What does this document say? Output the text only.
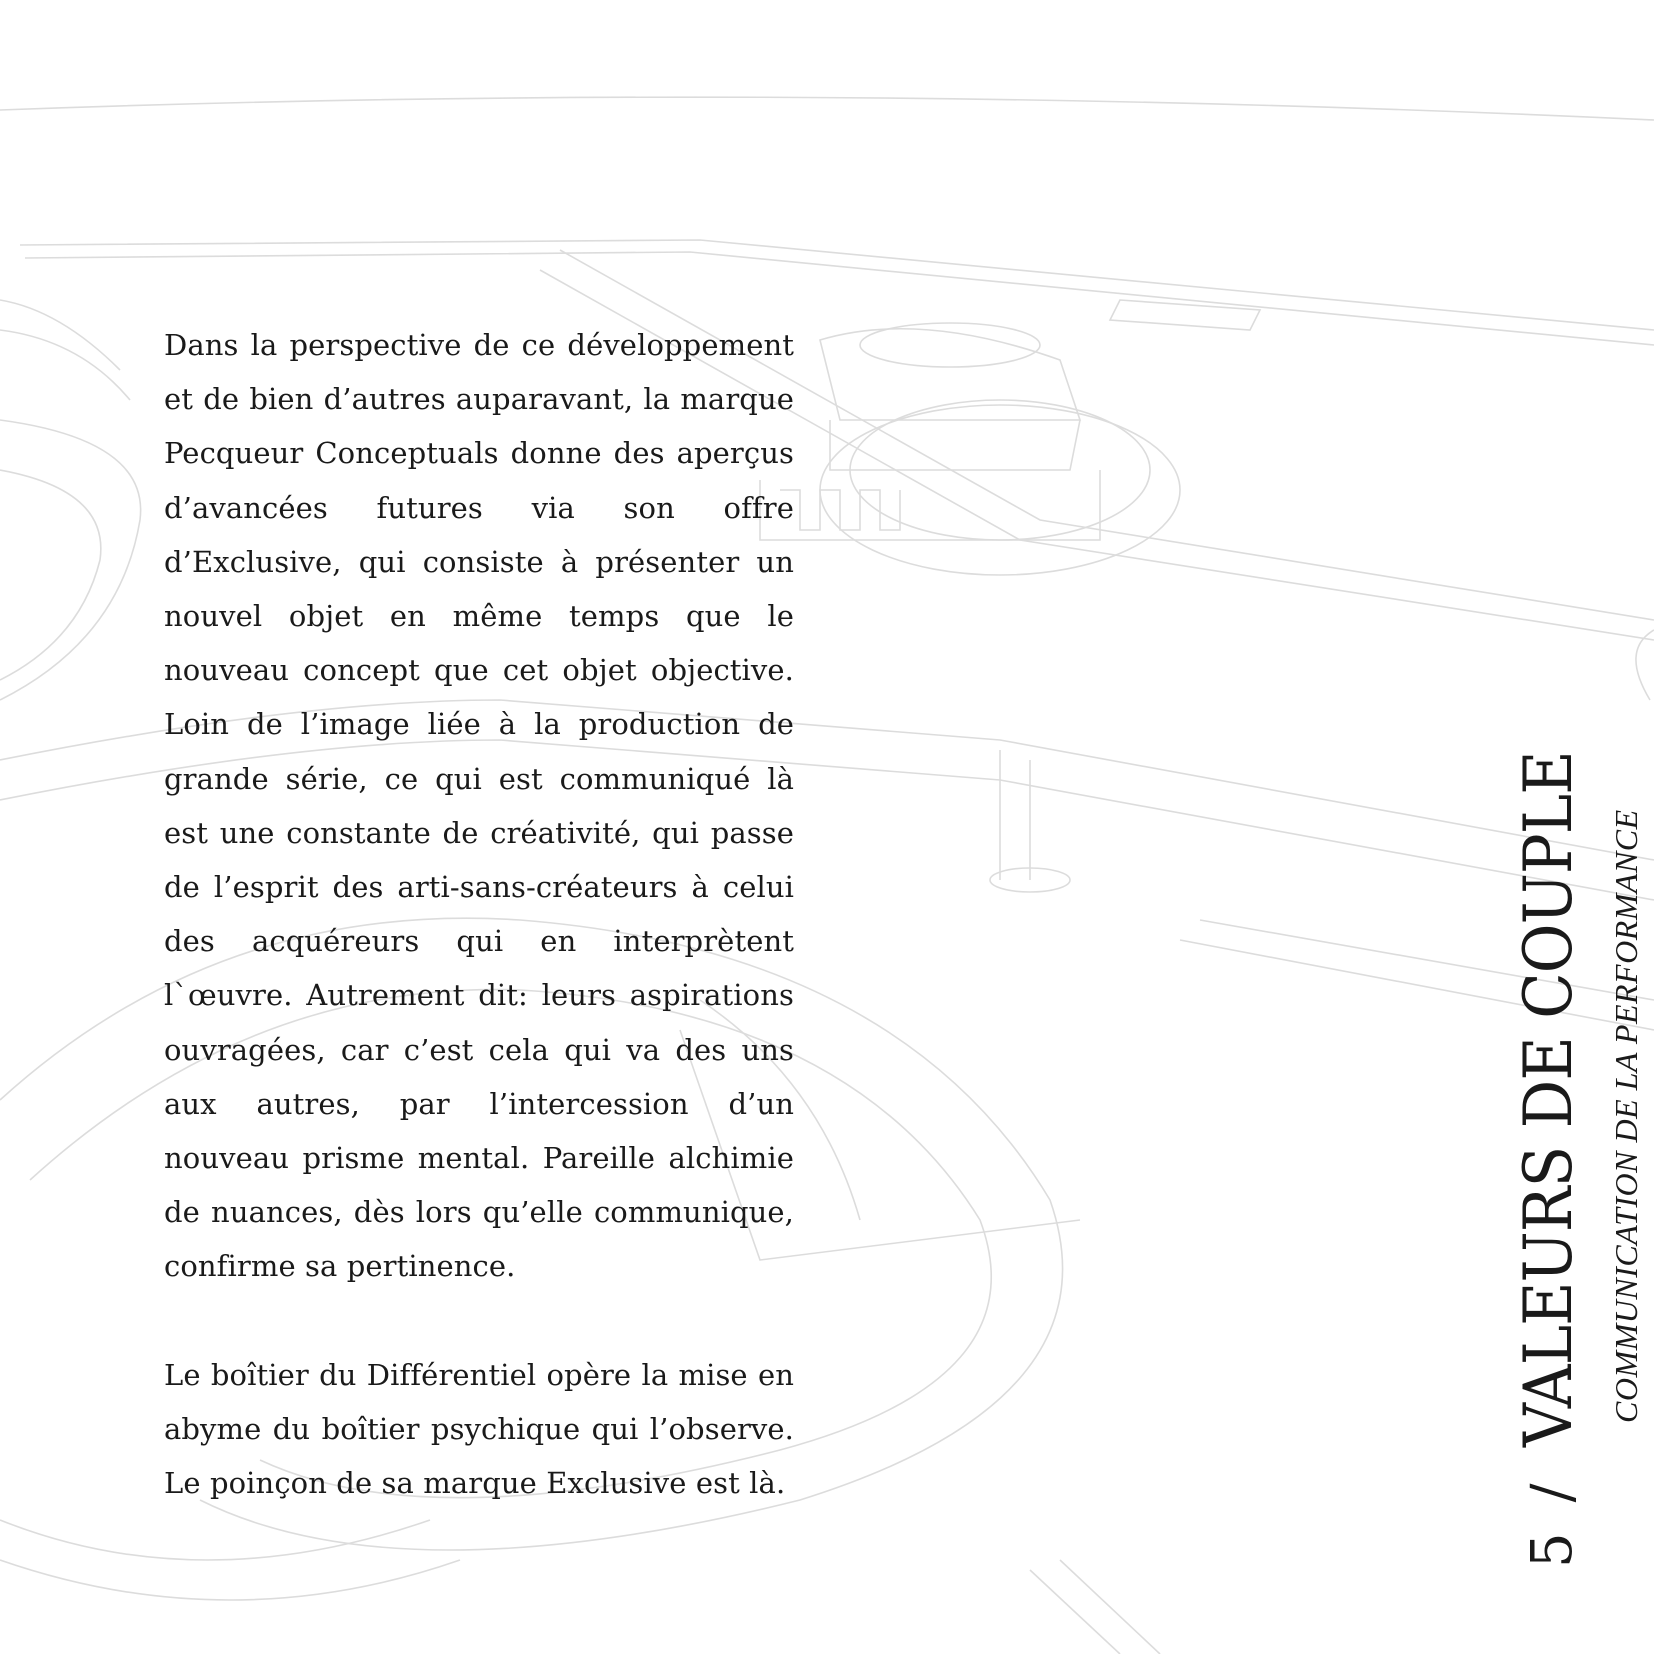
Dans la perspective de ce développement et de bien d’autres auparavant, la marque Pecqueur Conceptuals donne des aperçus d’avancées futures via son offre d’Exclusive, qui consiste à présenter un nouvel objet en même temps que le nouveau concept que cet objet objective. Loin de l’image liée à la production de grande série, ce qui est communiqué là est une constante de créativité, qui passe de l’esprit des arti-sans-créateurs à celui des acquéreurs qui en interprètent l`œuvre. Autrement dit: leurs aspirations ouvragées, car c’est cela qui va des uns aux autres, par l’intercession d’un nouveau prisme mental. Pareille alchimie de nuances, dès lors qu’elle communique, confirme sa pertinence.

Le boîtier du Différentiel opère la mise en abyme du boîtier psychique qui l’observe. Le poinçon de sa marque Exclusive est là.

5
/
VALEURS DE COUPLE COMMUNICATION DE LA PERFORMANCE
